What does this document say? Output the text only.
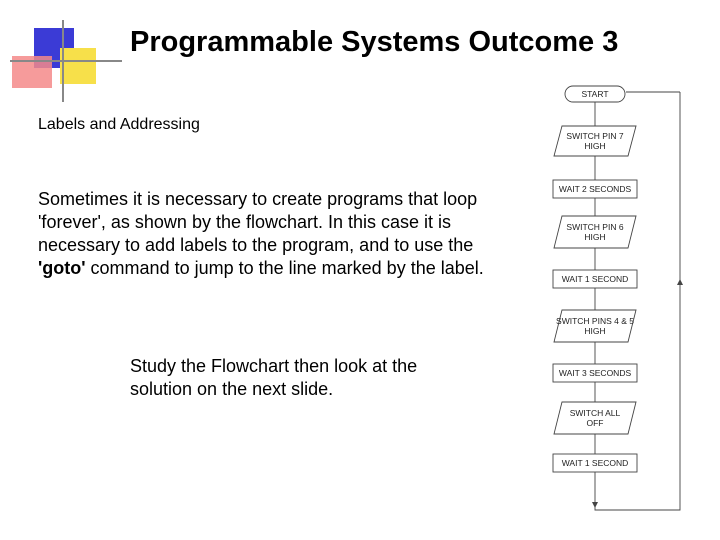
Programmable Systems Outcome 3
Labels and Addressing
Sometimes it is necessary to create programs that loop 'forever', as shown by the flowchart. In this case it is necessary to add labels to the program, and to use the 'goto' command to jump to the line marked by the label.
Study the Flowchart then look at the solution on the next slide.
START
SWITCH PIN 7
HIGH
WAIT 2 SECONDS
SWITCH PIN 6
HIGH
WAIT 1 SECOND
SWITCH PINS 4 & 5
HIGH
WAIT 3 SECONDS
SWITCH ALL
OFF
WAIT 1 SECOND
